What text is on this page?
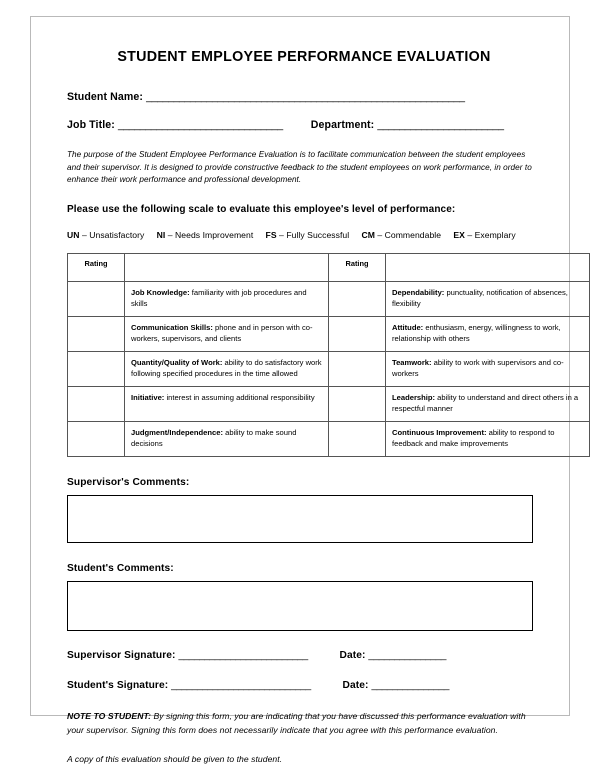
STUDENT EMPLOYEE PERFORMANCE EVALUATION
Student Name: __________________________________________________________
Job Title: ______________________________	Department: _______________________
The purpose of the Student Employee Performance Evaluation is to facilitate communication between the student employees and their supervisor. It is designed to provide constructive feedback to the student employees on work performance, in order to enhance their work performance and professional development.
Please use the following scale to evaluate this employee's level of performance:
UN – Unsatisfactory NI – Needs Improvement FS – Fully Successful CM – Commendable EX – Exemplary
Rating		Rating	
	Job Knowledge: familiarity with job procedures and skills		Dependability: punctuality, notification of absences, flexibility
	Communication Skills: phone and in person with co-workers, supervisors, and clients		Attitude: enthusiasm, energy, willingness to work, relationship with others
	Quantity/Quality of Work: ability to do satisfactory work following specified procedures in the time allowed		Teamwork: ability to work with supervisors and co-workers
	Initiative: interest in assuming additional responsibility		Leadership: ability to understand and direct others in a respectful manner
	Judgment/Independence: ability to make sound decisions		Continuous Improvement: ability to respond to feedback and make improvements
Supervisor's Comments:
Student's Comments:
Supervisor Signature: _________________________	Date: _______________
Student's Signature: ___________________________	Date: _______________
NOTE TO STUDENT: By signing this form, you are indicating that you have discussed this performance evaluation with your supervisor. Signing this form does not necessarily indicate that you agree with this performance evaluation.
A copy of this evaluation should be given to the student.
